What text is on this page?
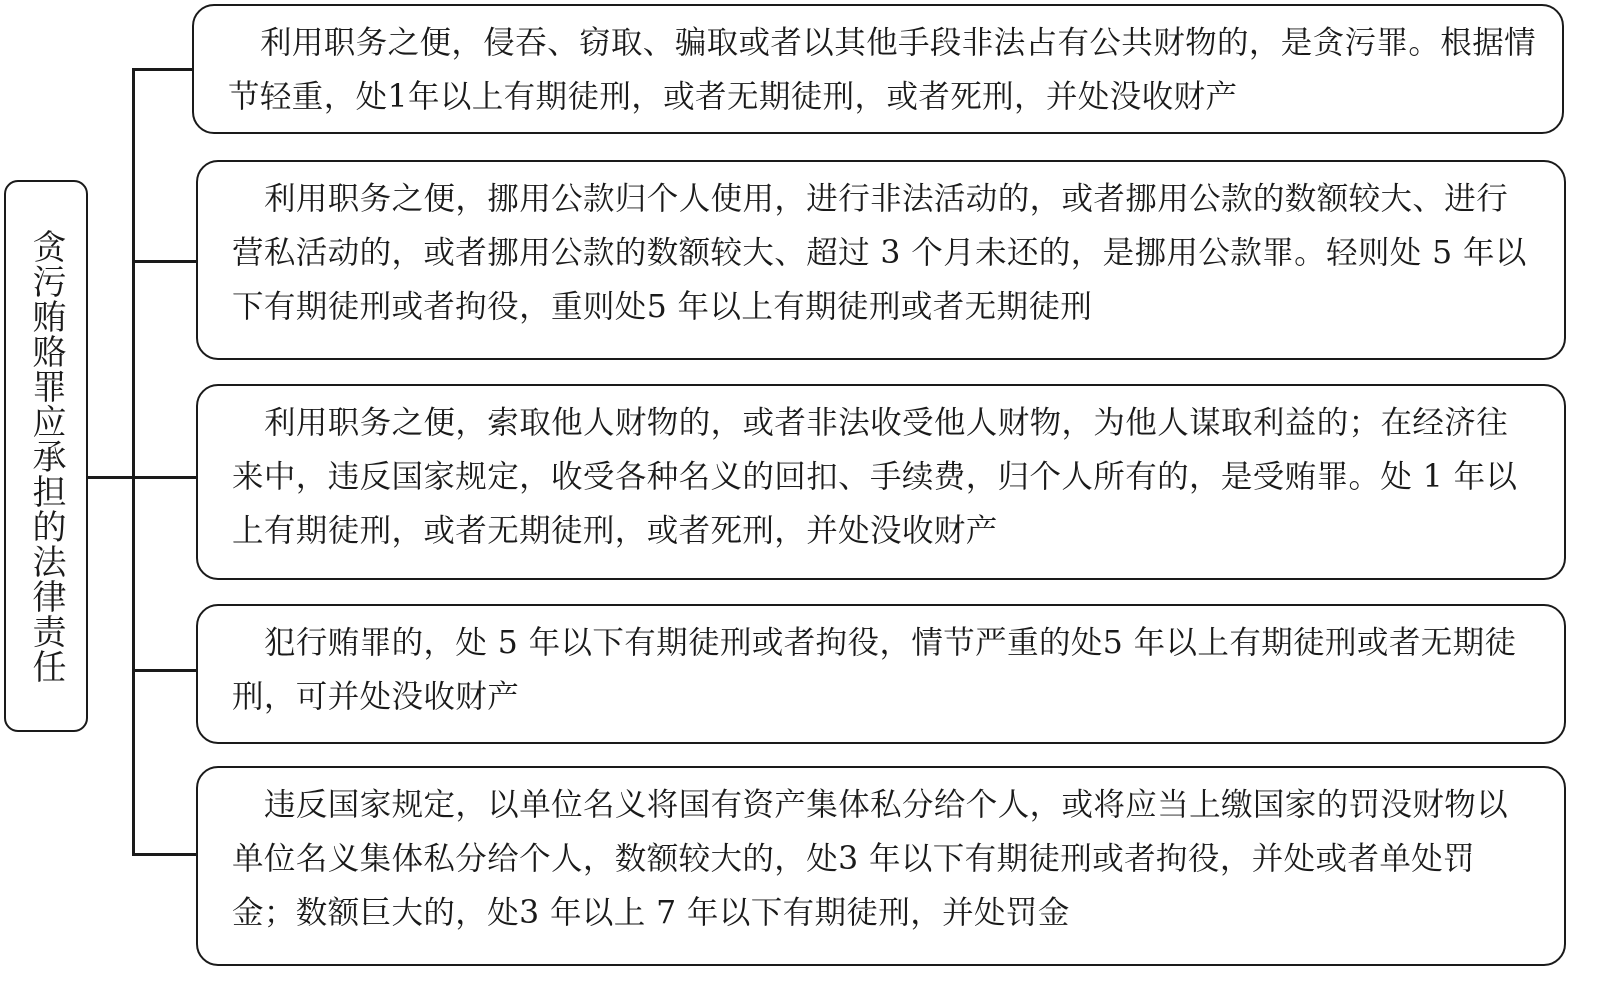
贪污贿赂罪应承担的法律责任

利用职务之便，侵吞、窃取、骗取或者以其他手段非法占有公共财物的，是贪污罪。根据情节轻重，处1年以上有期徒刑，或者无期徒刑，或者死刑，并处没收财产

利用职务之便，挪用公款归个人使用，进行非法活动的，或者挪用公款的数额较大、进行营私活动的，或者挪用公款的数额较大、超过 3 个月未还的，是挪用公款罪。轻则处 5 年以下有期徒刑或者拘役，重则处5 年以上有期徒刑或者无期徒刑

利用职务之便，索取他人财物的，或者非法收受他人财物，为他人谋取利益的；在经济往来中，违反国家规定，收受各种名义的回扣、手续费，归个人所有的，是受贿罪。处 1 年以上有期徒刑，或者无期徒刑，或者死刑，并处没收财产

犯行贿罪的，处 5 年以下有期徒刑或者拘役，情节严重的处5 年以上有期徒刑或者无期徒刑，可并处没收财产

违反国家规定，以单位名义将国有资产集体私分给个人，或将应当上缴国家的罚没财物以单位名义集体私分给个人，数额较大的，处3 年以下有期徒刑或者拘役，并处或者单处罚金；数额巨大的，处3 年以上 7 年以下有期徒刑，并处罚金
